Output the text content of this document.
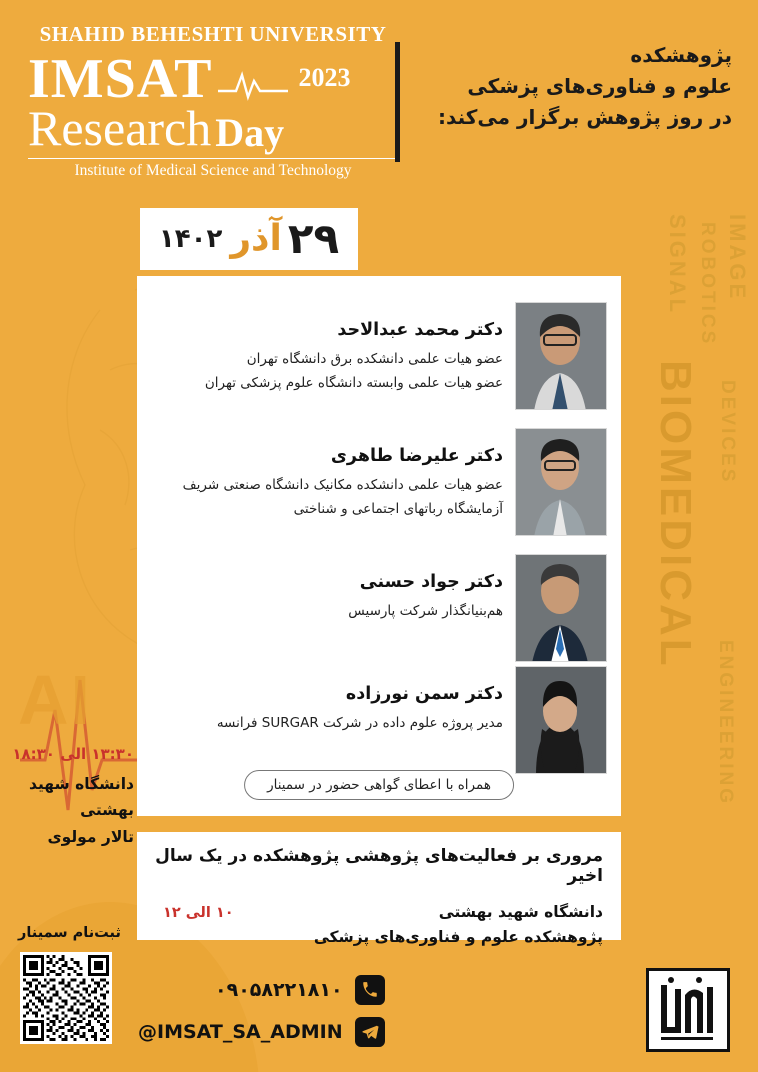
AI
SIGNAL ROBOTICS IMAGE
DEVICES
BIOMEDICAL
ENGINEERING
SHAHID BEHESHTI UNIVERSITY
IMSAT	2023
Research Day
Institute of Medical Science and Technology
پژوهشکده
علوم و فناوری‌های پزشکی
در روز پژوهش برگزار می‌کند:
۲۹
آذر
۱۴۰۲
دکتر محمد عبدالاحد
عضو هیات علمی دانشکده برق دانشگاه تهران
عضو هیات علمی وابسته دانشگاه علوم پزشکی تهران
دکتر علیرضا طاهری
عضو هیات علمی دانشکده مکانیک دانشگاه صنعتی شریف
آزمایشگاه رباتهای اجتماعی و شناختی
دکتر جواد حسنی
هم‌بنیانگذار شرکت پارسیس
دکتر سمن نورزاده
مدیر پروژه علوم داده در شرکت SURGAR فرانسه
همراه با اعطای گواهی حضور در سمینار
۱۳:۳۰ الی ۱۸:۳۰
دانشگاه شهید بهشتی
تالار مولوی
مروری بر فعالیت‌های پژوهشی پژوهشکده در یک سال اخیر
دانشگاه شهید بهشتی
پژوهشکده علوم و فناوری‌های پزشکی
۱۰ الی ۱۲
ثبت‌نام سمینار
۰۹۰۵۸۲۲۱۸۱۰
@IMSAT_SA_ADMIN
